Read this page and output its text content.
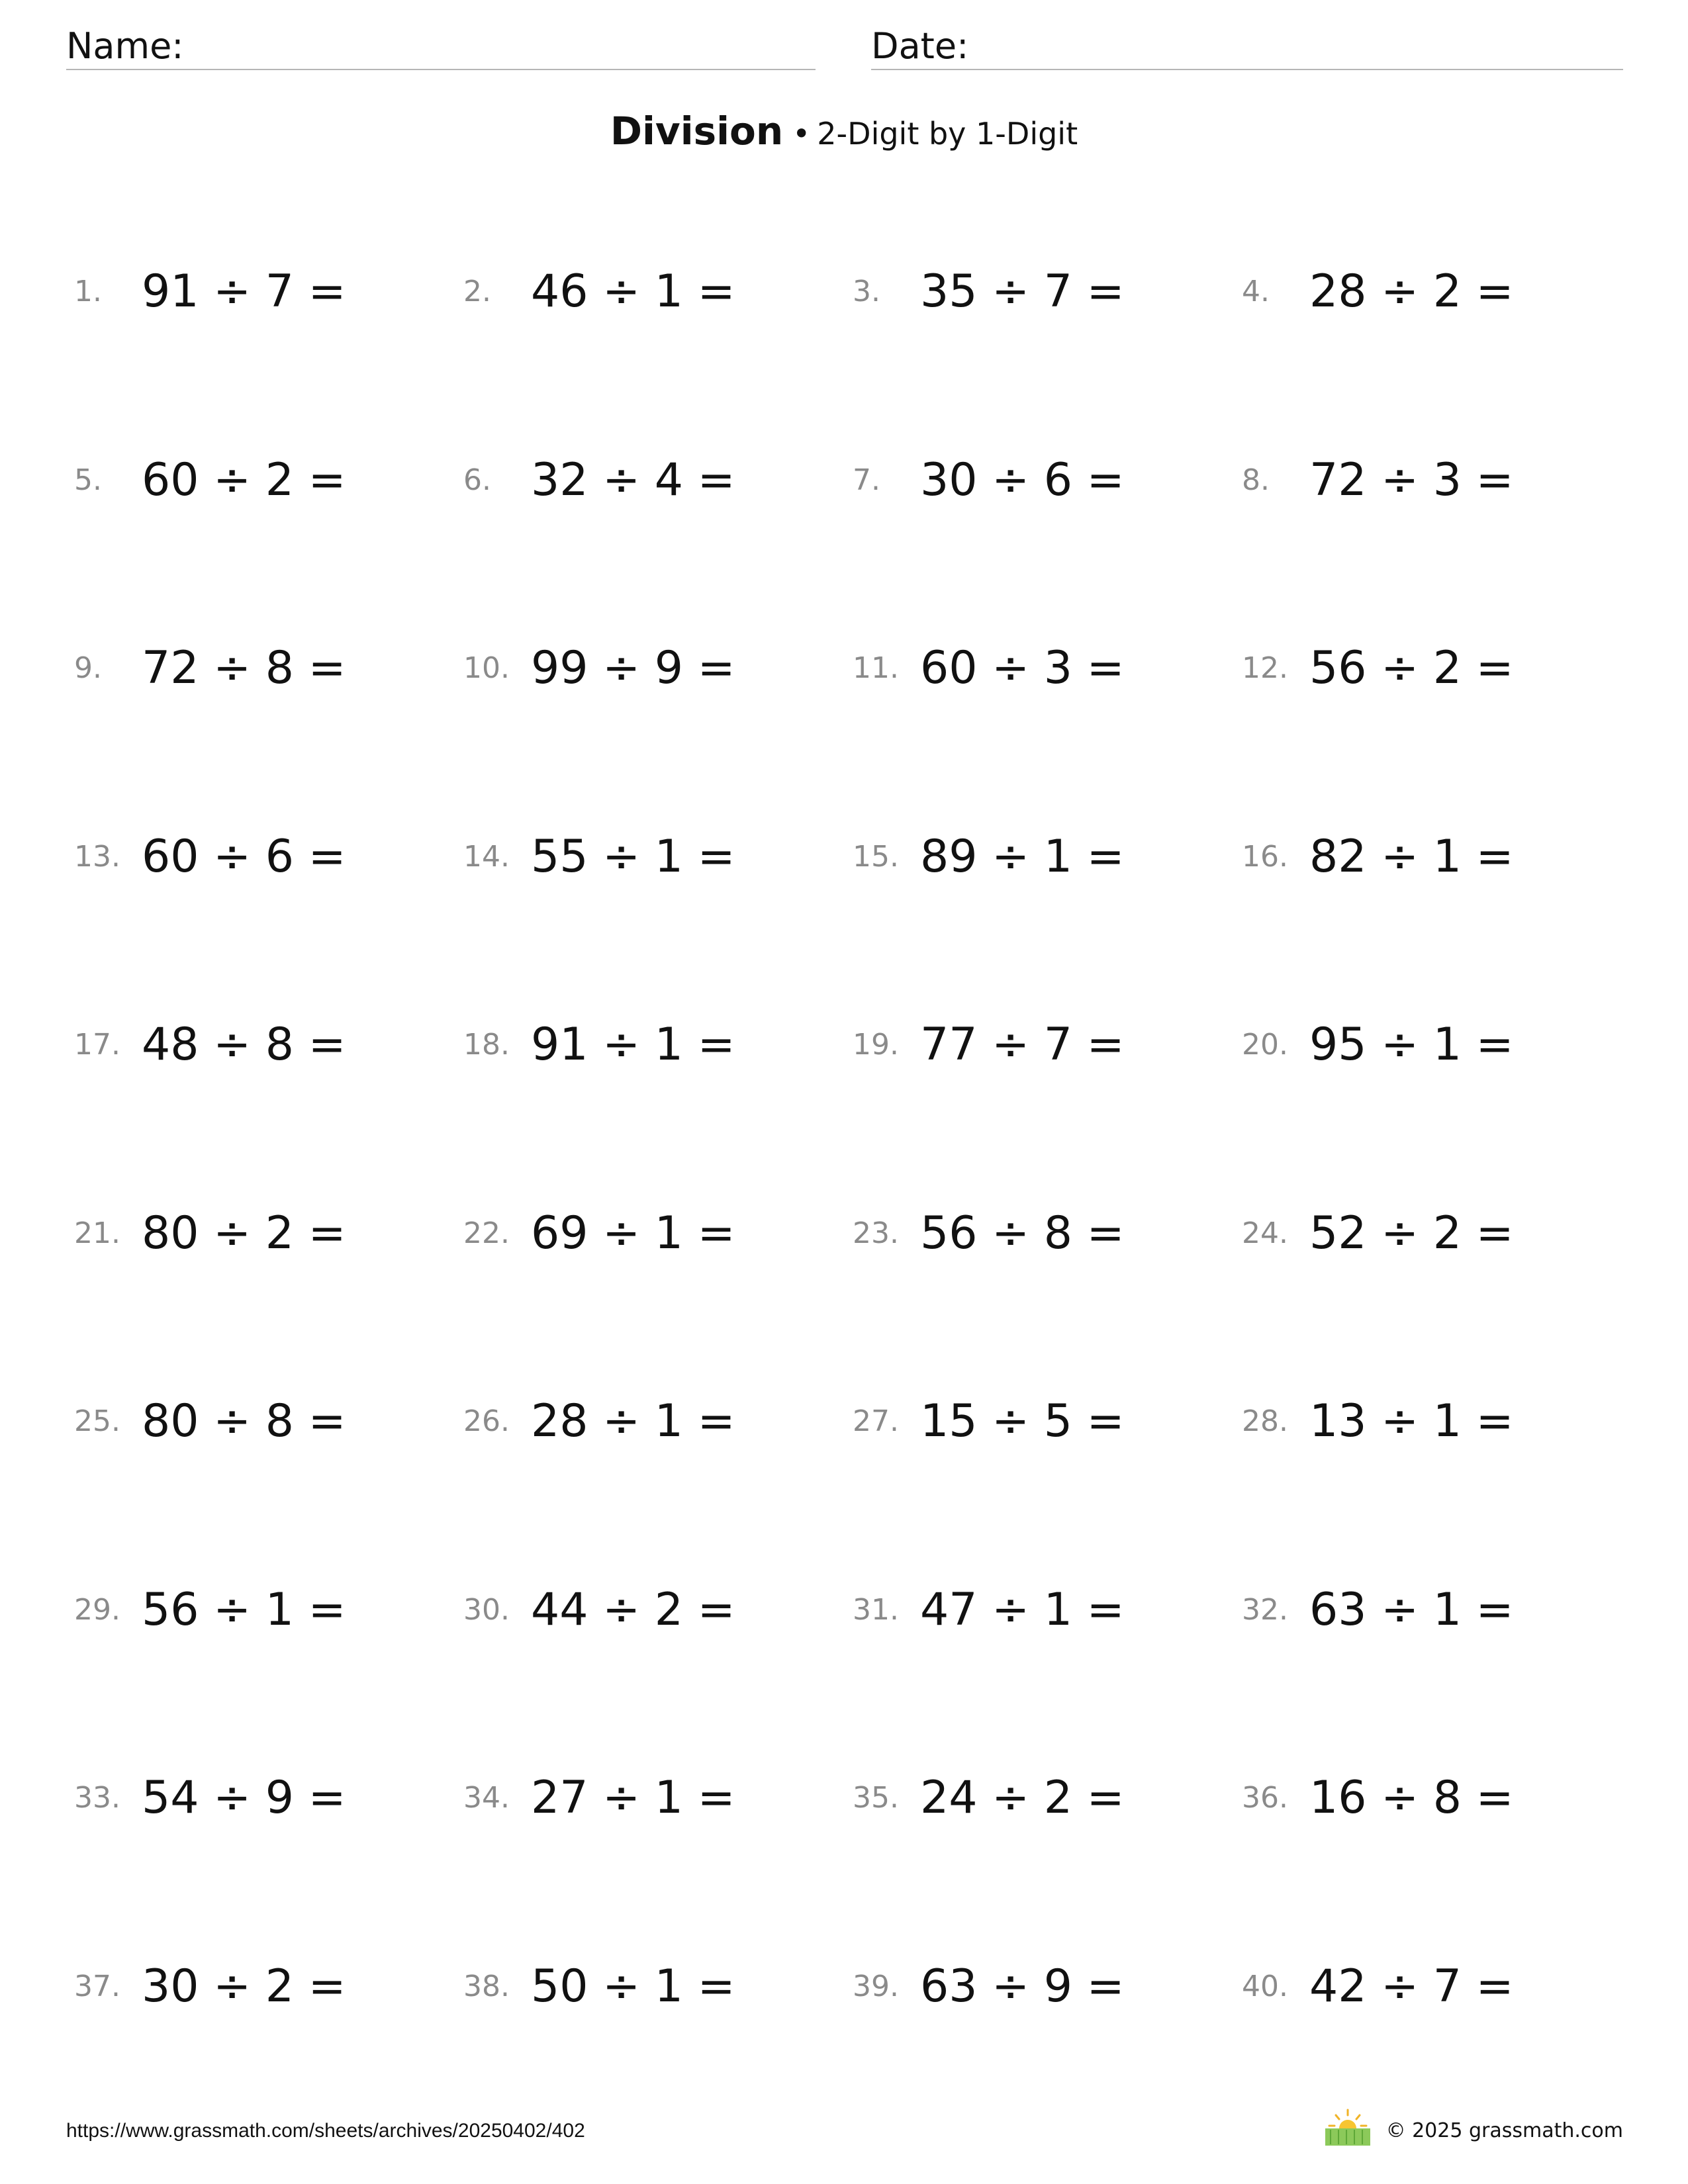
Name:	Date:
Division • 2-Digit by 1-Digit
1. 91 ÷ 7 =	2. 46 ÷ 1 =	3. 35 ÷ 7 =	4. 28 ÷ 2 =
5. 60 ÷ 2 =	6. 32 ÷ 4 =	7. 30 ÷ 6 =	8. 72 ÷ 3 =
9. 72 ÷ 8 =	10. 99 ÷ 9 =	11. 60 ÷ 3 =	12. 56 ÷ 2 =
13. 60 ÷ 6 =	14. 55 ÷ 1 =	15. 89 ÷ 1 =	16. 82 ÷ 1 =
17. 48 ÷ 8 =	18. 91 ÷ 1 =	19. 77 ÷ 7 =	20. 95 ÷ 1 =
21. 80 ÷ 2 =	22. 69 ÷ 1 =	23. 56 ÷ 8 =	24. 52 ÷ 2 =
25. 80 ÷ 8 =	26. 28 ÷ 1 =	27. 15 ÷ 5 =	28. 13 ÷ 1 =
29. 56 ÷ 1 =	30. 44 ÷ 2 =	31. 47 ÷ 1 =	32. 63 ÷ 1 =
33. 54 ÷ 9 =	34. 27 ÷ 1 =	35. 24 ÷ 2 =	36. 16 ÷ 8 =
37. 30 ÷ 2 =	38. 50 ÷ 1 =	39. 63 ÷ 9 =	40. 42 ÷ 7 =
https://www.grassmath.com/sheets/archives/20250402/402	© 2025 grassmath.com
